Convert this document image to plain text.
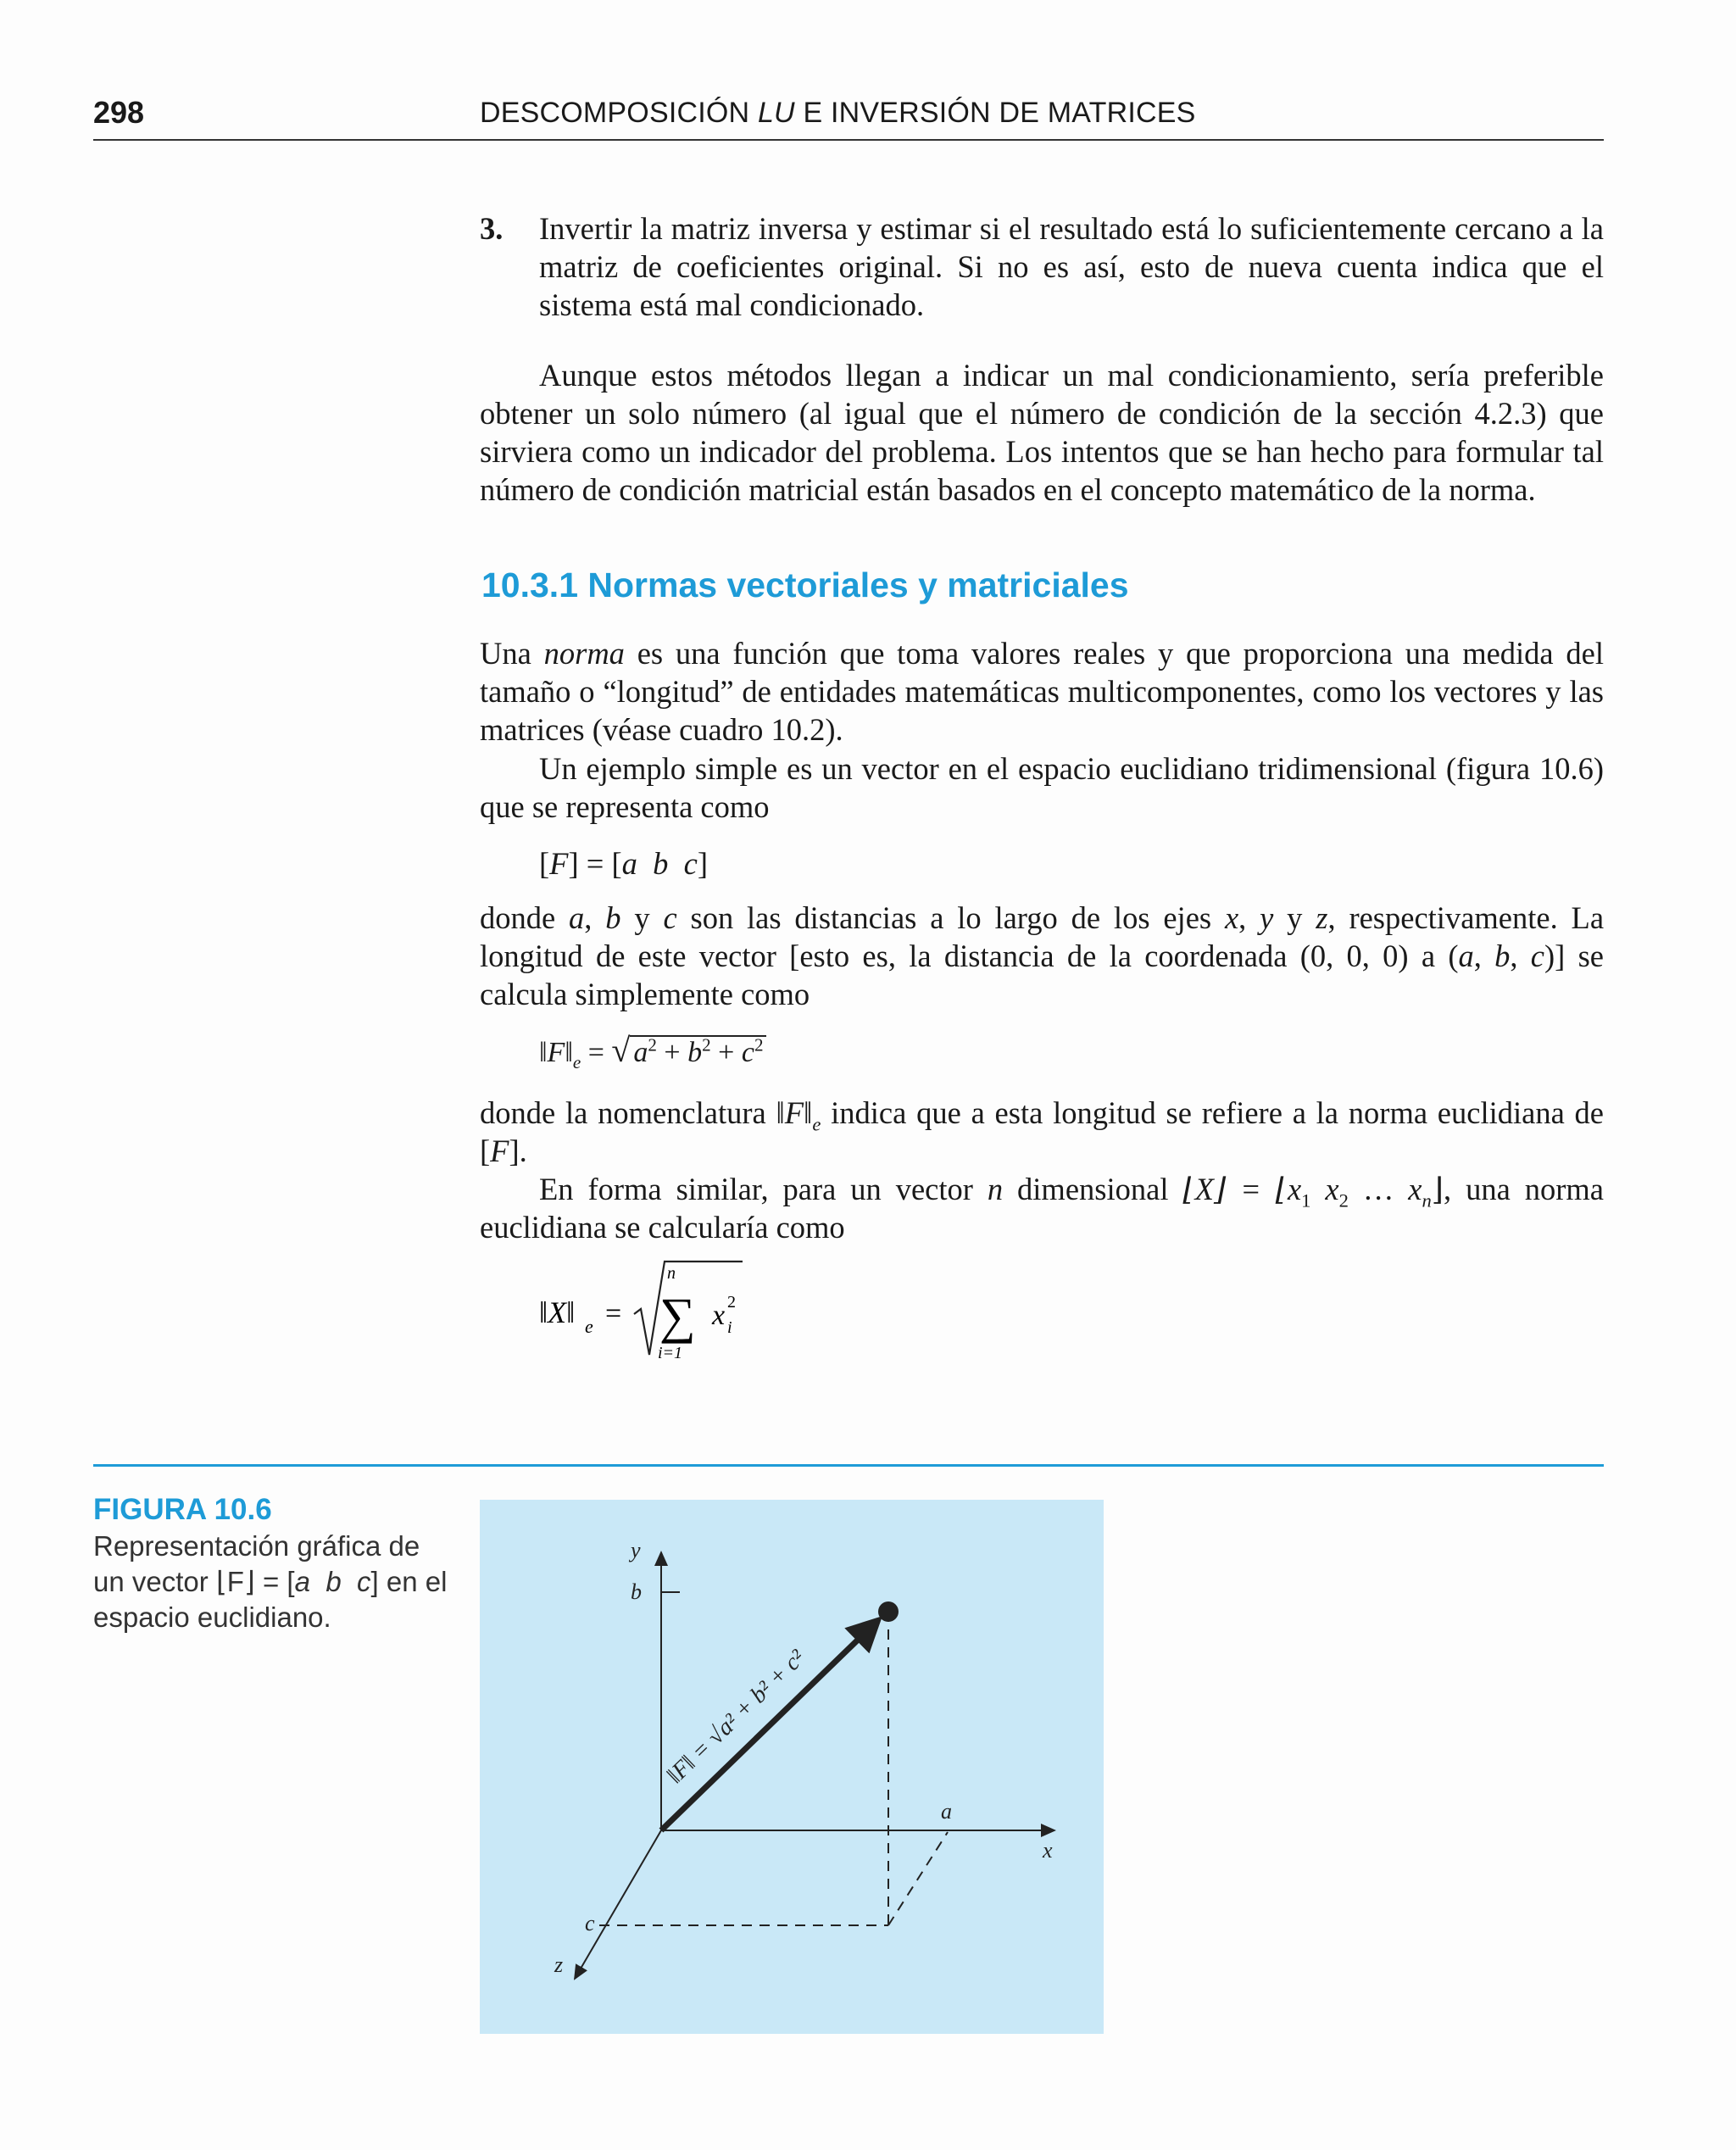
298	DESCOMPOSICIÓN LU E INVERSIÓN DE MATRICES
3. Invertir la matriz inversa y estimar si el resultado está lo suficientemente cercano a la matriz de coeficientes original. Si no es así, esto de nueva cuenta indica que el sistema está mal condicionado.
Aunque estos métodos llegan a indicar un mal condicionamiento, sería preferible obtener un solo número (al igual que el número de condición de la sección 4.2.3) que sirviera como un indicador del problema. Los intentos que se han hecho para formular tal número de condición matricial están basados en el concepto matemático de la norma.
10.3.1 Normas vectoriales y matriciales
Una norma es una función que toma valores reales y que proporciona una medida del tamaño o “longitud” de entidades matemáticas multicomponentes, como los vectores y las matrices (véase cuadro 10.2).
Un ejemplo simple es un vector en el espacio euclidiano tridimensional (figura 10.6) que se representa como
[F] = [a b c]
donde a, b y c son las distancias a lo largo de los ejes x, y y z, respectivamente. La longitud de este vector [esto es, la distancia de la coordenada (0, 0, 0) a (a, b, c)] se calcula simplemente como
$‖F‖_e$ = √ $a^2 + b^2 + c^2$
donde la nomenclatura $‖F‖_e$ indica que a esta longitud se refiere a la norma euclidiana de [F].
En forma similar, para un vector n dimensional ⌊X⌋ = $⌊x_1$ $x_2$ … $x_n⌋$, una norma euclidiana se calcularía como
‖X‖ e =
n
∑
i=1
x i
2
FIGURA 10.6
Representación gráfica de un vector ⌊F⌋ = [a b c] en el espacio euclidiano.
‖F‖ = √a² + b² + c²
y
b
a
x
c
z
